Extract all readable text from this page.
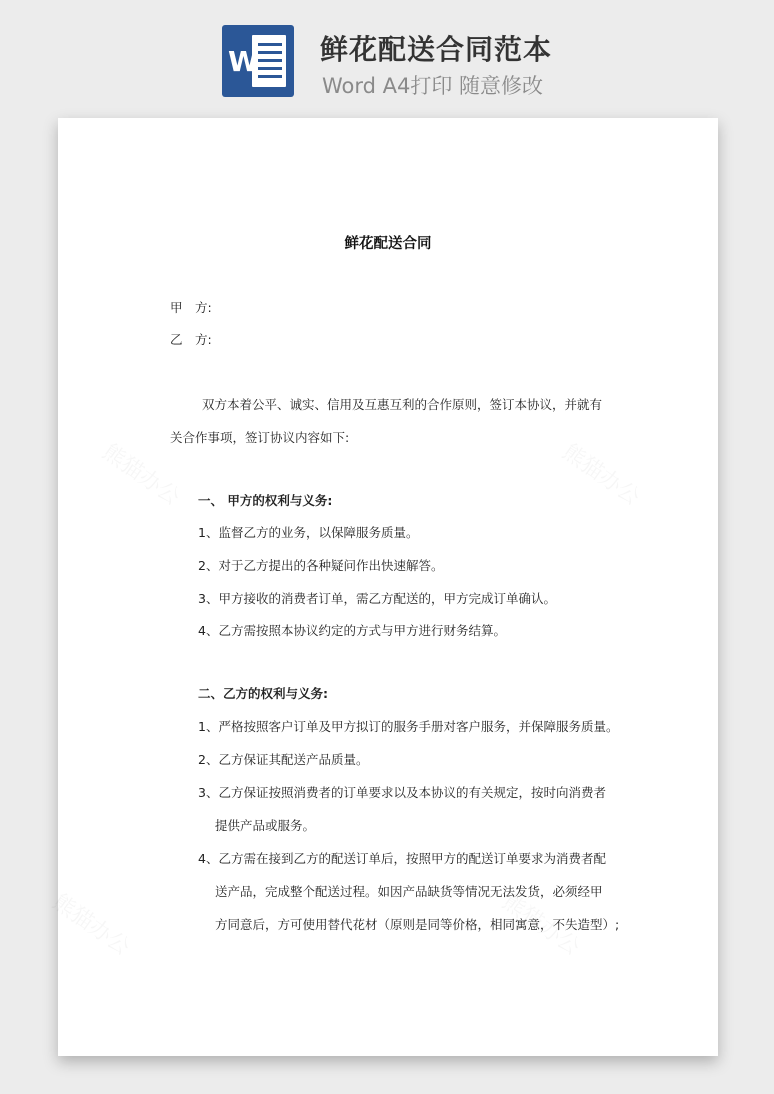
W	鲜花配送合同范本
Word A4打印 随意修改
鲜花配送合同
甲　方:
乙　方:
双方本着公平、诚实、信用及互惠互利的合作原则，签订本协议，并就有
关合作事项，签订协议内容如下:
一、 甲方的权利与义务:
1、监督乙方的业务，以保障服务质量。
2、对于乙方提出的各种疑问作出快速解答。
3、甲方接收的消费者订单，需乙方配送的，甲方完成订单确认。
4、乙方需按照本协议约定的方式与甲方进行财务结算。
二、乙方的权利与义务:
1、严格按照客户订单及甲方拟订的服务手册对客户服务，并保障服务质量。
2、乙方保证其配送产品质量。
3、乙方保证按照消费者的订单要求以及本协议的有关规定，按时向消费者
提供产品或服务。
4、乙方需在接到乙方的配送订单后，按照甲方的配送订单要求为消费者配
送产品，完成整个配送过程。如因产品缺货等情况无法发货，必须经甲
方同意后，方可使用替代花材（原则是同等价格，相同寓意，不失造型）;
